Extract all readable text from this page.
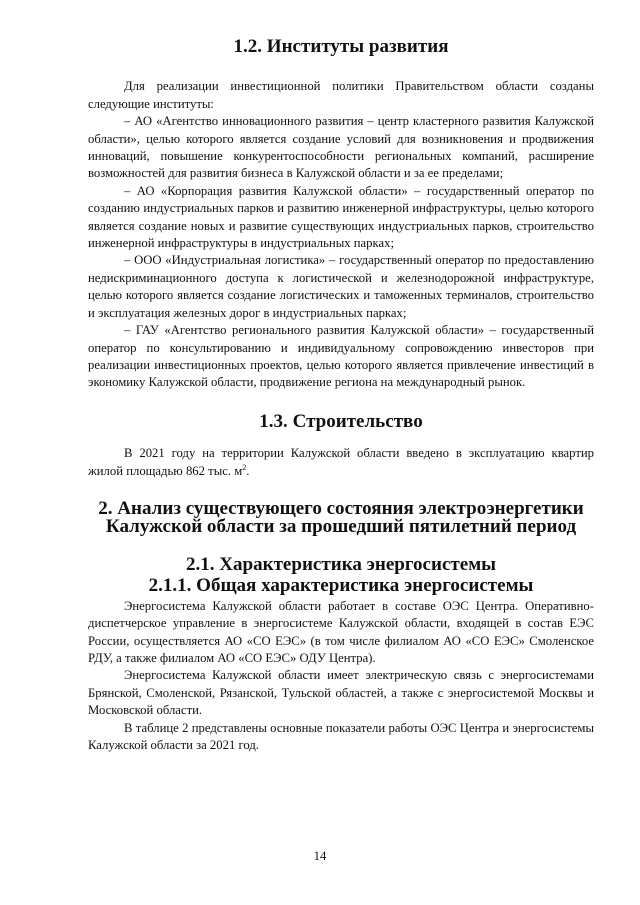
1.2. Институты развития

Для реализации инвестиционной политики Правительством области созданы следующие институты:

– АО «Агентство инновационного развития – центр кластерного развития Калужской области», целью которого является создание условий для возникновения и продвижения инноваций, повышение конкурентоспособности региональных компаний, расширение возможностей для развития бизнеса в Калужской области и за ее пределами;

– АО «Корпорация развития Калужской области» – государственный оператор по созданию индустриальных парков и развитию инженерной инфраструктуры, целью которого является создание новых и развитие существующих индустриальных парков, строительство инженерной инфраструктуры в индустриальных парках;

– ООО «Индустриальная логистика» – государственный оператор по предоставлению недискриминационного доступа к логистической и железнодорожной инфраструктуре, целью которого является создание логистических и таможенных терминалов, строительство и эксплуатация железных дорог в индустриальных парках;

– ГАУ «Агентство регионального развития Калужской области» – государственный оператор по консультированию и индивидуальному сопровождению инвесторов при реализации инвестиционных проектов, целью которого является привлечение инвестиций в экономику Калужской области, продвижение региона на международный рынок.

1.3. Строительство

В 2021 году на территории Калужской области введено в эксплуатацию квартир жилой площадью 862 тыс. $м^2$.

2. Анализ существующего состояния электроэнергетики
Калужской области за прошедший пятилетний период
2.1. Характеристика энергосистемы
2.1.1. Общая характеристика энергосистемы

Энергосистема Калужской области работает в составе ОЭС Центра. Оперативно-диспетчерское управление в энергосистеме Калужской области, входящей в состав ЕЭС России, осуществляется АО «СО ЕЭС» (в том числе филиалом АО «СО ЕЭС» Смоленское РДУ, а также филиалом АО «СО ЕЭС» ОДУ Центра).

Энергосистема Калужской области имеет электрическую связь с энергосистемами Брянской, Смоленской, Рязанской, Тульской областей, а также с энергосистемой Москвы и Московской области.

В таблице 2 представлены основные показатели работы ОЭС Центра и энергосистемы Калужской области за 2021 год.

14
